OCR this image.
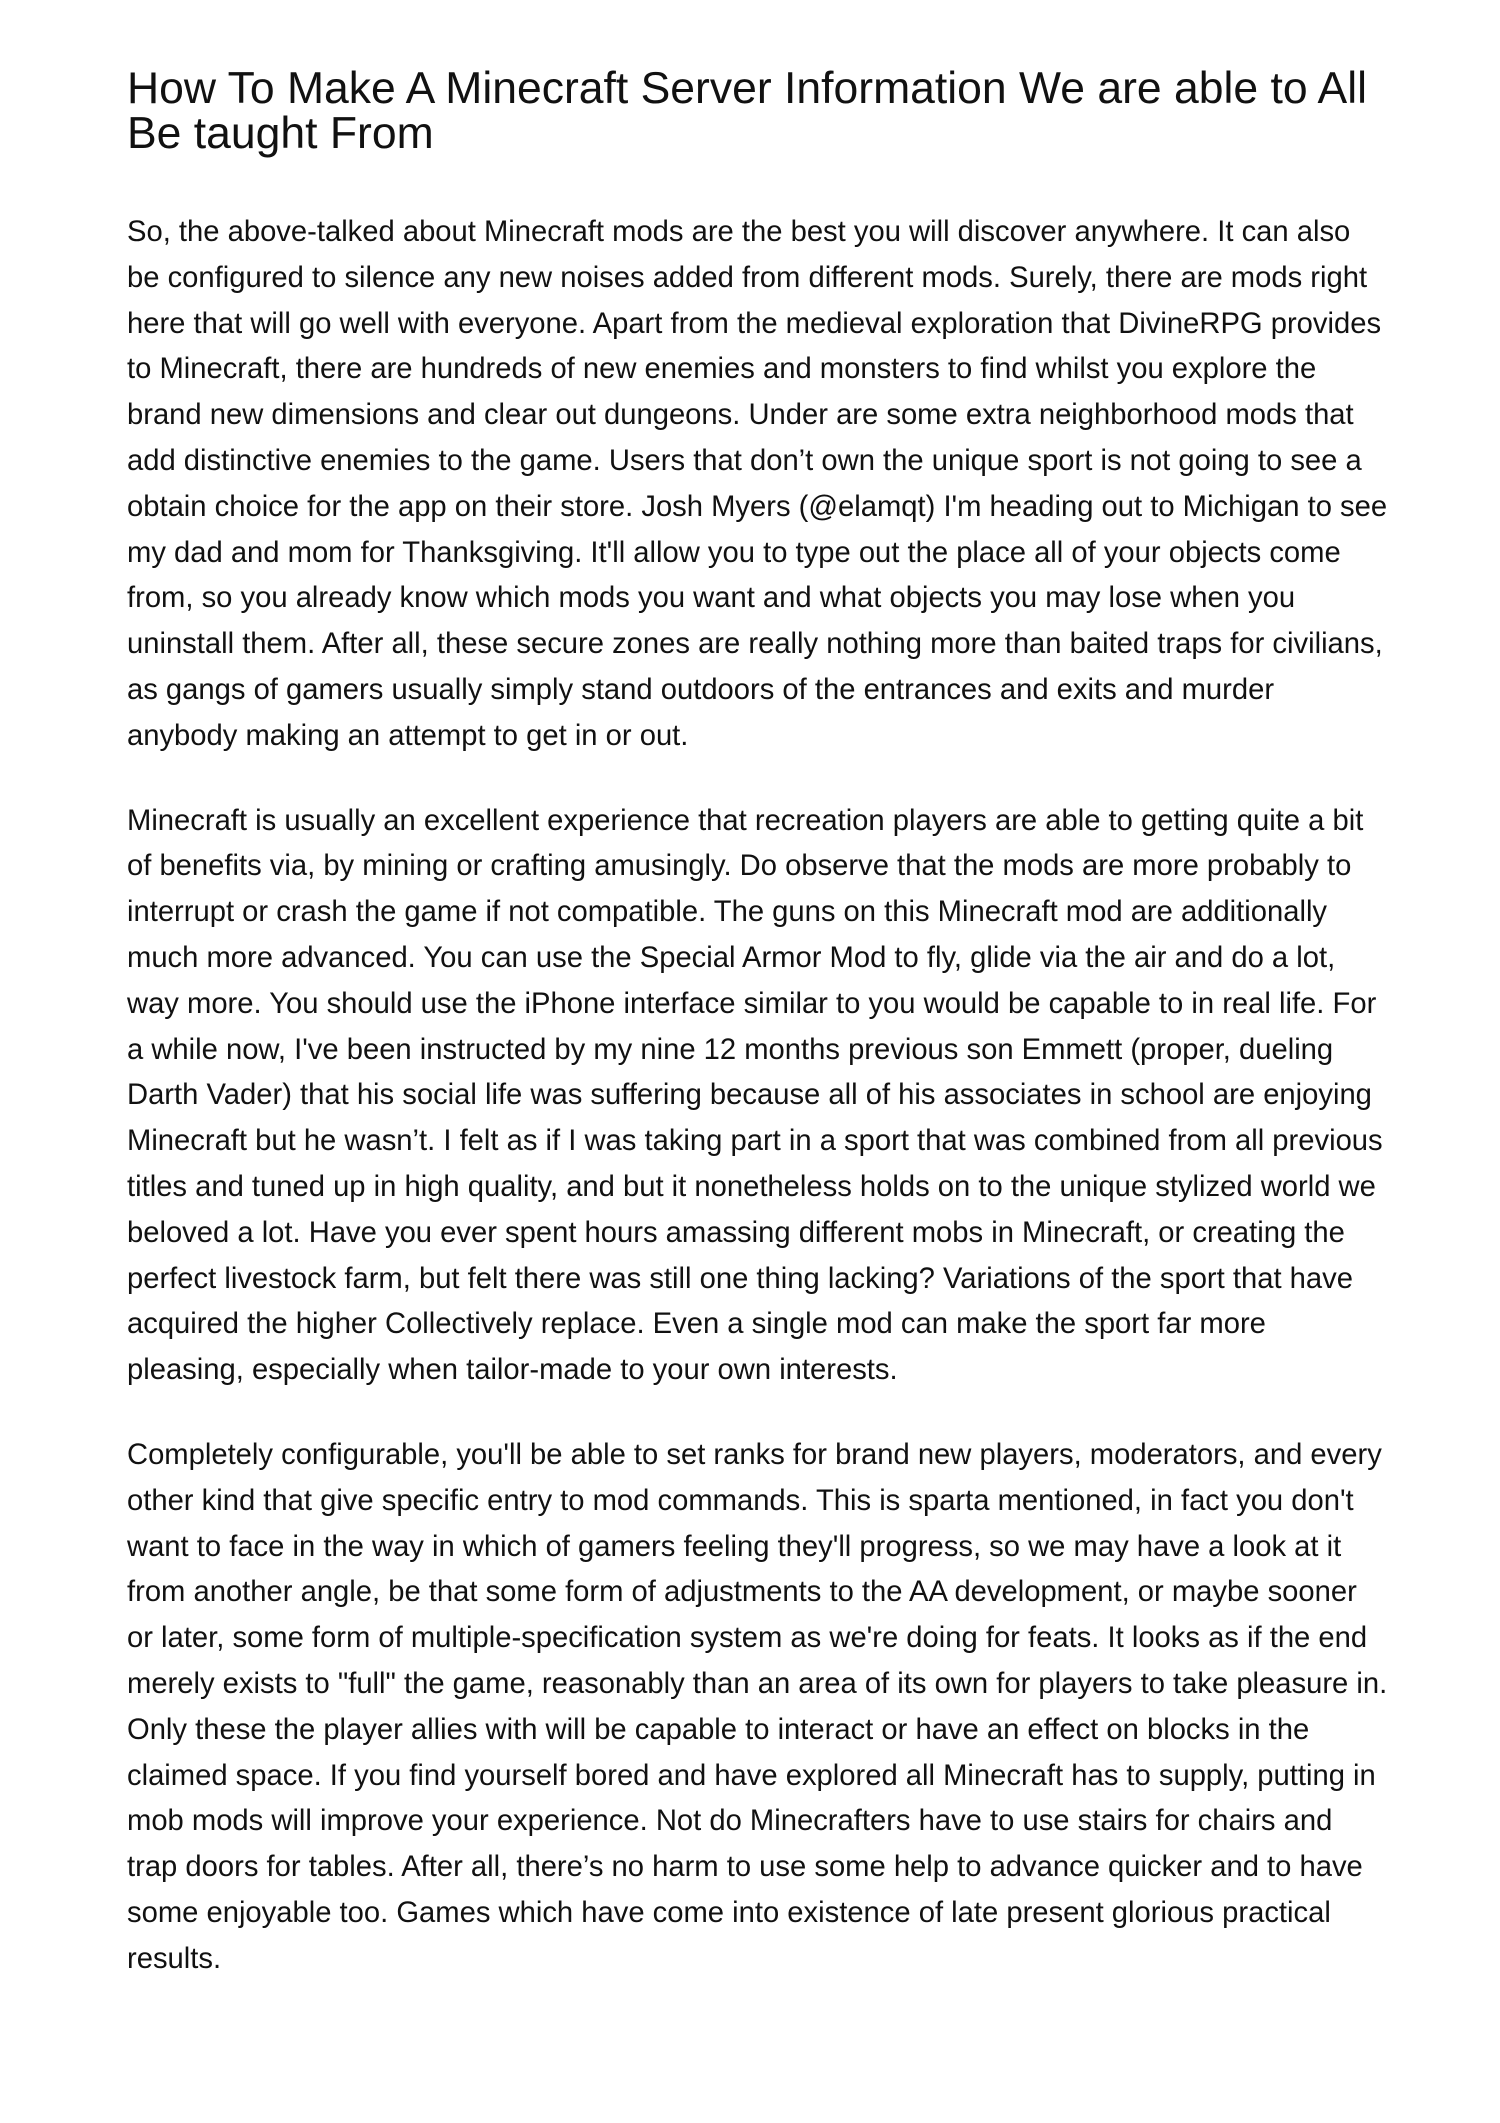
How To Make A Minecraft Server Information We are able to All Be taught From

So, the above-talked about Minecraft mods are the best you will discover anywhere. It can also be configured to silence any new noises added from different mods. Surely, there are mods right here that will go well with everyone. Apart from the medieval exploration that DivineRPG provides to Minecraft, there are hundreds of new enemies and monsters to find whilst you explore the brand new dimensions and clear out dungeons. Under are some extra neighborhood mods that add distinctive enemies to the game. Users that don’t own the unique sport is not going to see a obtain choice for the app on their store. Josh Myers (@elamqt) I'm heading out to Michigan to see my dad and mom for Thanksgiving. It'll allow you to type out the place all of your objects come from, so you already know which mods you want and what objects you may lose when you uninstall them. After all, these secure zones are really nothing more than baited traps for civilians, as gangs of gamers usually simply stand outdoors of the entrances and exits and murder anybody making an attempt to get in or out.

Minecraft is usually an excellent experience that recreation players are able to getting quite a bit of benefits via, by mining or crafting amusingly. Do observe that the mods are more probably to interrupt or crash the game if not compatible. The guns on this Minecraft mod are additionally much more advanced. You can use the Special Armor Mod to fly, glide via the air and do a lot, way more. You should use the iPhone interface similar to you would be capable to in real life. For a while now, I've been instructed by my nine 12 months previous son Emmett (proper, dueling Darth Vader) that his social life was suffering because all of his associates in school are enjoying Minecraft but he wasn’t. I felt as if I was taking part in a sport that was combined from all previous titles and tuned up in high quality, and but it nonetheless holds on to the unique stylized world we beloved a lot. Have you ever spent hours amassing different mobs in Minecraft, or creating the perfect livestock farm, but felt there was still one thing lacking? Variations of the sport that have acquired the higher Collectively replace. Even a single mod can make the sport far more pleasing, especially when tailor-made to your own interests.

Completely configurable, you'll be able to set ranks for brand new players, moderators, and every other kind that give specific entry to mod commands. This is sparta mentioned, in fact you don't want to face in the way in which of gamers feeling they'll progress, so we may have a look at it from another angle, be that some form of adjustments to the AA development, or maybe sooner or later, some form of multiple-specification system as we're doing for feats. It looks as if the end merely exists to "full" the game, reasonably than an area of its own for players to take pleasure in. Only these the player allies with will be capable to interact or have an effect on blocks in the claimed space. If you find yourself bored and have explored all Minecraft has to supply, putting in mob mods will improve your experience. Not do Minecrafters have to use stairs for chairs and trap doors for tables. After all, there’s no harm to use some help to advance quicker and to have some enjoyable too. Games which have come into existence of late present glorious practical results.
